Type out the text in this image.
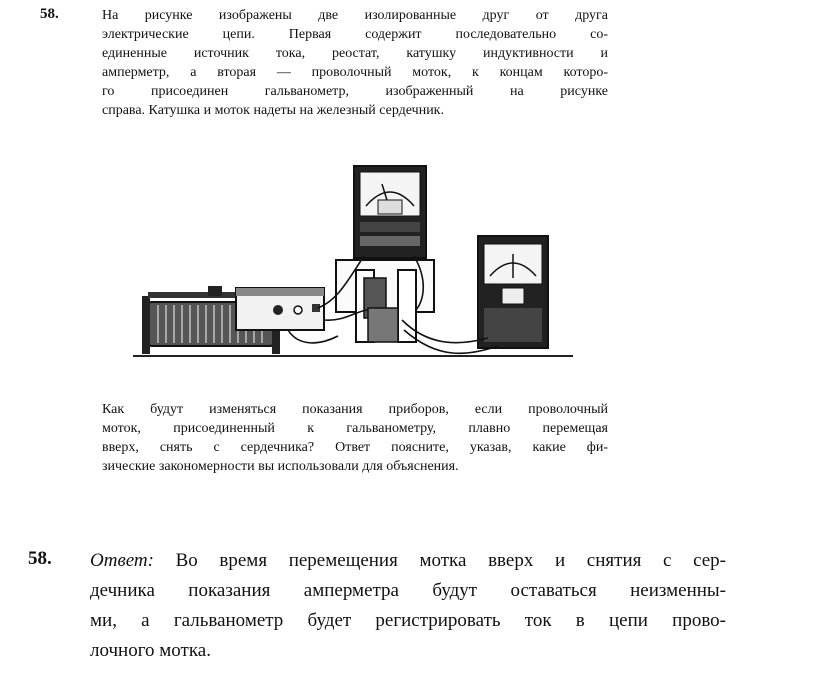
58.	На рисунке изображены две изолированные друг от друга
электрические цепи. Первая содержит последовательно со-
единенные источник тока, реостат, катушку индуктивности и
амперметр, а вторая — проволочный моток, к концам которо-
го присоединен гальванометр, изображенный на рисунке
справа. Катушка и моток надеты на железный сердечник.
Как будут изменяться показания приборов, если проволочный
моток, присоединенный к гальванометру, плавно перемещая
вверх, снять с сердечника? Ответ поясните, указав, какие фи-
зические закономерности вы использовали для объяснения.
58. Ответ: Во время перемещения мотка вверх и снятия с сер-
дечника показания амперметра будут оставаться неизменны-
ми, а гальванометр будет регистрировать ток в цепи прово-
лочного мотка.
